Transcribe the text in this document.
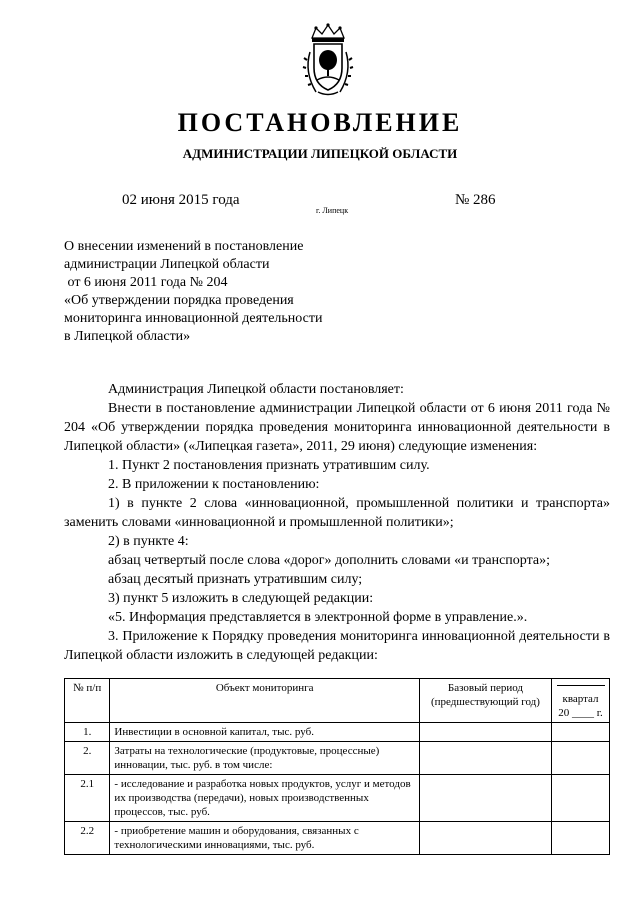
ПОСТАНОВЛЕНИЕ
АДМИНИСТРАЦИИ ЛИПЕЦКОЙ ОБЛАСТИ
02 июня 2015 года
г. Липецк
№ 286
О внесении изменений в постановление
администрации Липецкой области
от 6 июня 2011 года № 204
«Об утверждении порядка проведения
мониторинга инновационной деятельности
в Липецкой области»

Администрация Липецкой области постановляет:

Внести в постановление администрации Липецкой области от 6 июня 2011 года № 204 «Об утверждении порядка проведения мониторинга инновационной деятельности в Липецкой области» («Липецкая газета», 2011, 29 июня) следующие изменения:

1. Пункт 2 постановления признать утратившим силу.

2. В приложении к постановлению:

1) в пункте 2 слова «инновационной, промышленной политики и транспорта» заменить словами «инновационной и промышленной политики»;

2) в пункте 4:

абзац четвертый после слова «дорог» дополнить словами «и транспорта»;

абзац десятый признать утратившим силу;

3) пункт 5 изложить в следующей редакции:

«5. Информация представляется в электронной форме в управление.».

3. Приложение к Порядку проведения мониторинга инновационной деятельности в Липецкой области изложить в следующей редакции:

№ п/п	Объект мониторинга	Базовый период (предшествующий год)	квартал
20 ____ г.

1.	Инвестиции в основной капитал, тыс. руб.		
2.	Затраты на технологические (продуктовые, процессные) инновации, тыс. руб. в том числе:		
2.1	- исследование и разработка новых продуктов, услуг и методов их производства (передачи), новых производственных процессов, тыс. руб.		
2.2	- приобретение машин и оборудования, связанных с технологическими инновациями, тыс. руб.		
